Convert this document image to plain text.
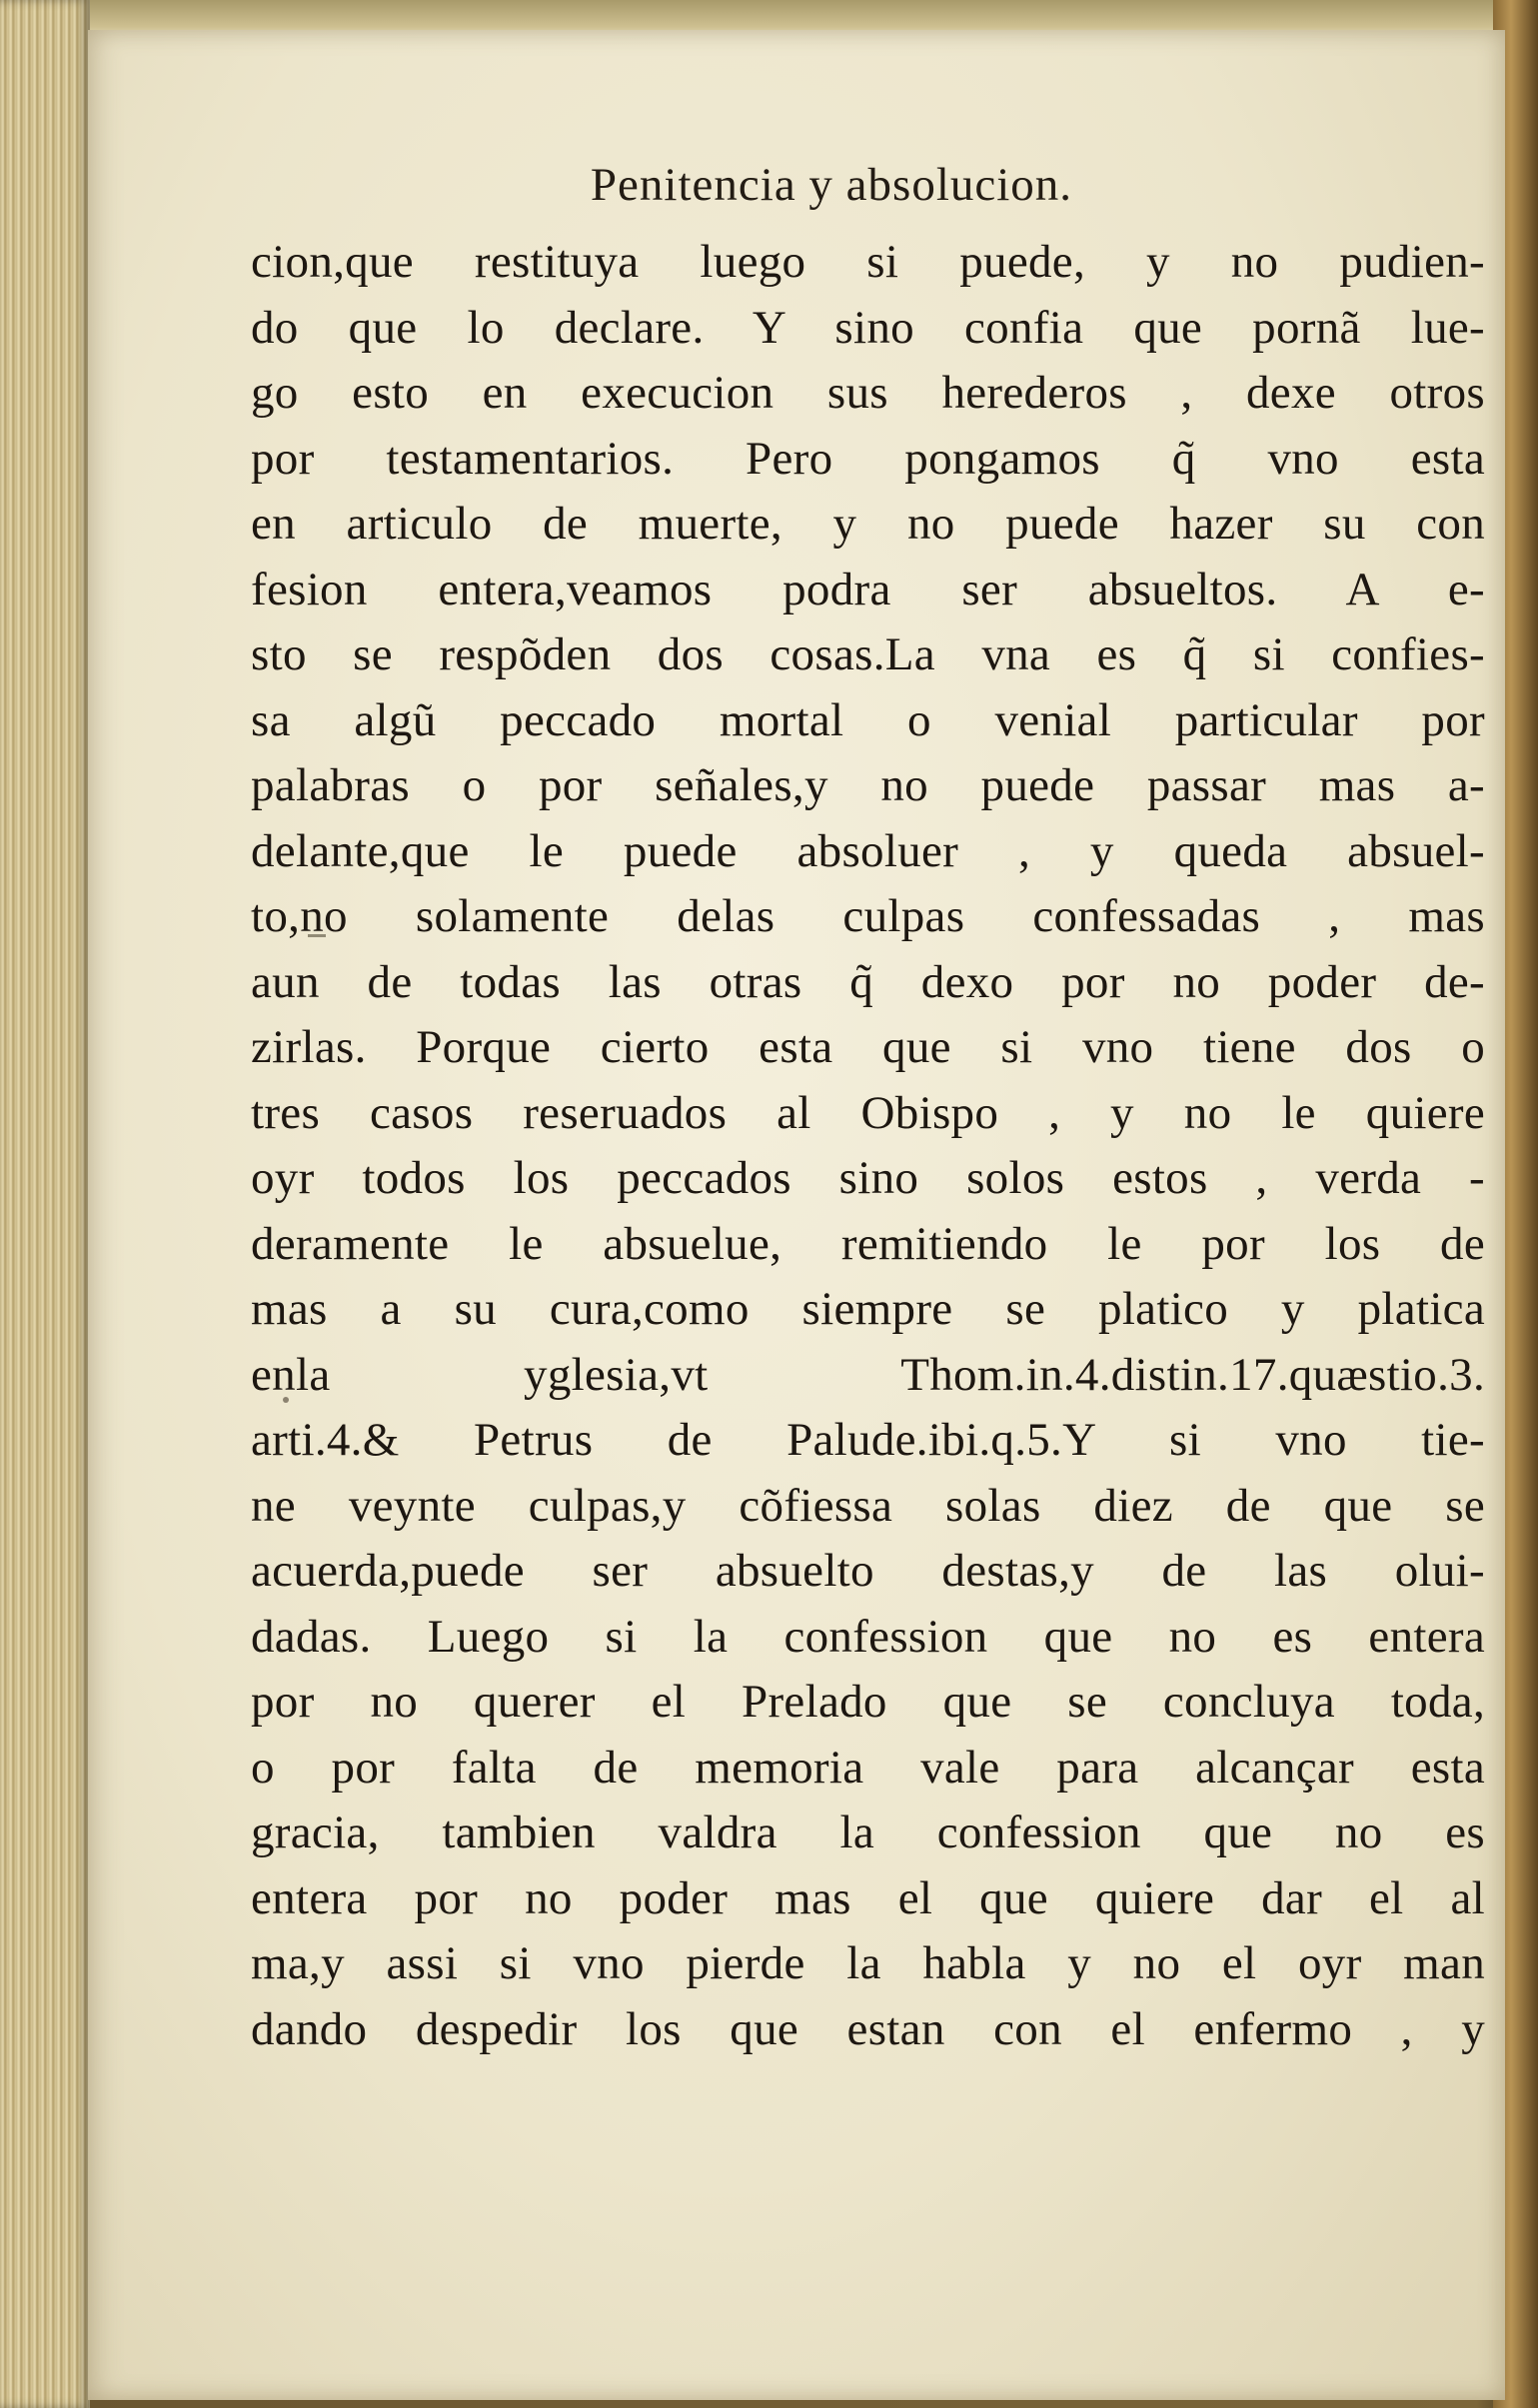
Penitencia y absolucion.
cion,que restituya luego si puede, y no pudien-
do que lo declare. Y sino confia que pornã lue-
go esto en execucion sus herederos , dexe otros
por testamentarios. Pero pongamos q̃ vno esta
en articulo de muerte, y no puede hazer su con
fesion entera,veamos podra ser absueltos. A e-
sto se respõden dos cosas.La vna es q̃ si confies-
sa algũ peccado mortal o venial particular por
palabras o por señales,y no puede passar mas a-
delante,que le puede absoluer , y queda absuel-
to,no solamente delas culpas confessadas , mas
aun de todas las otras q̃ dexo por no poder de-
zirlas. Porque cierto esta que si vno tiene dos o
tres casos reseruados al Obispo , y no le quiere
oyr todos los peccados sino solos estos , verda -
deramente le absuelue, remitiendo le por los de
mas a su cura,como siempre se platico y platica
enla yglesia,vt Thom.in.4.distin.17.quæstio.3.
arti.4.& Petrus de Palude.ibi.q.5.Y si vno tie-
ne veynte culpas,y cõfiessa solas diez de que se
acuerda,puede ser absuelto destas,y de las olui-
dadas. Luego si la confession que no es entera
por no querer el Prelado que se concluya toda,
o por falta de memoria vale para alcançar esta
gracia, tambien valdra la confession que no es
entera por no poder mas el que quiere dar el al
ma,y assi si vno pierde la habla y no el oyr man
dando despedir los que estan con el enfermo , y
